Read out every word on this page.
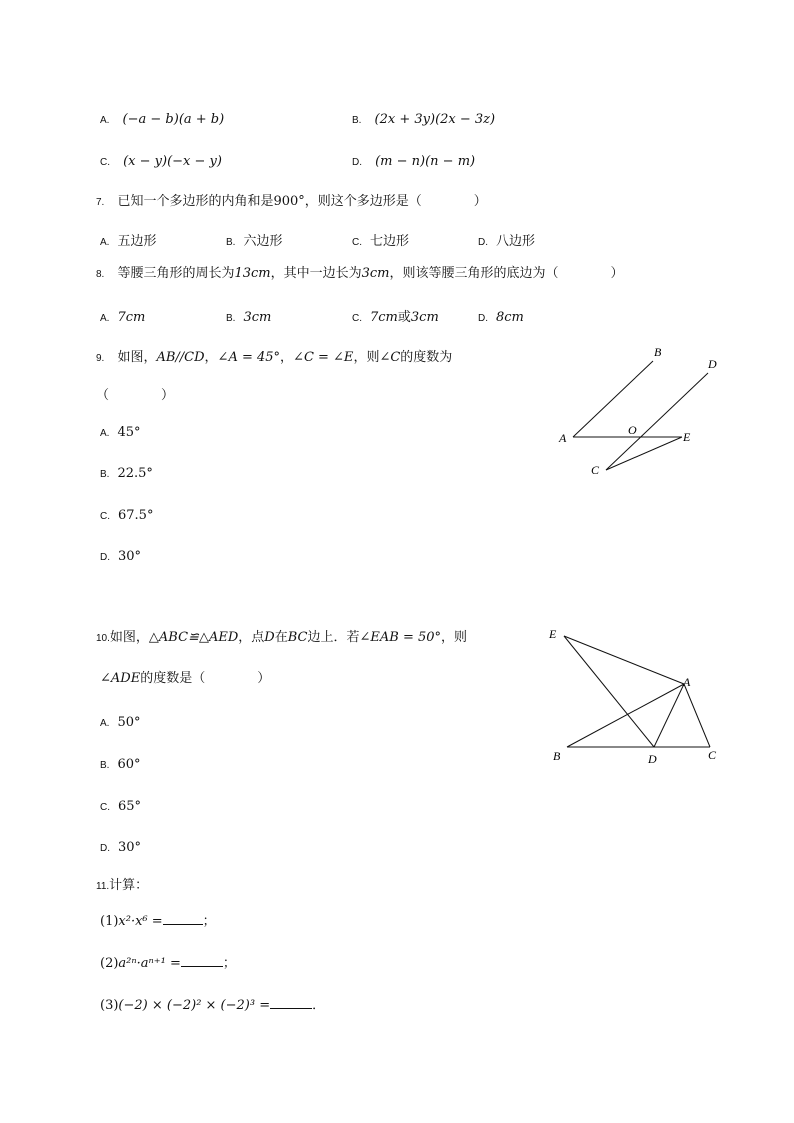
A. (−a − b)(a + b)	B. (2x + 3y)(2x − 3z)
C. (x − y)(−x − y)	D. (m − n)(n − m)
7. 已知一个多边形的内角和是900°，则这个多边形是（　　　　）
A. 五边形	B. 六边形	C. 七边形	D. 八边形
8. 等腰三角形的周长为13cm，其中一边长为3cm，则该等腰三角形的底边为（　　　　）
A. 7cm	B. 3cm	C. 7cm或3cm	D. 8cm
9. 如图，AB//CD，∠A = 45°，∠C = ∠E，则∠C的度数为
（　　　　）
A. 45°
B. 22.5°
C. 67.5°
D. 30°
A
B
C
D
E
O
10.如图，△ABC≌△AED，点D在BC边上．若∠EAB = 50°，则
∠ADE的度数是（　　　　）
A. 50°
B. 60°
C. 65°
D. 30°
E
A
B	D	C
11.计算：
(1)x²·x⁶ =	；
(2)a²ⁿ·aⁿ⁺¹ =	；
(3)(−2) × (−2)² × (−2)³ =	．
